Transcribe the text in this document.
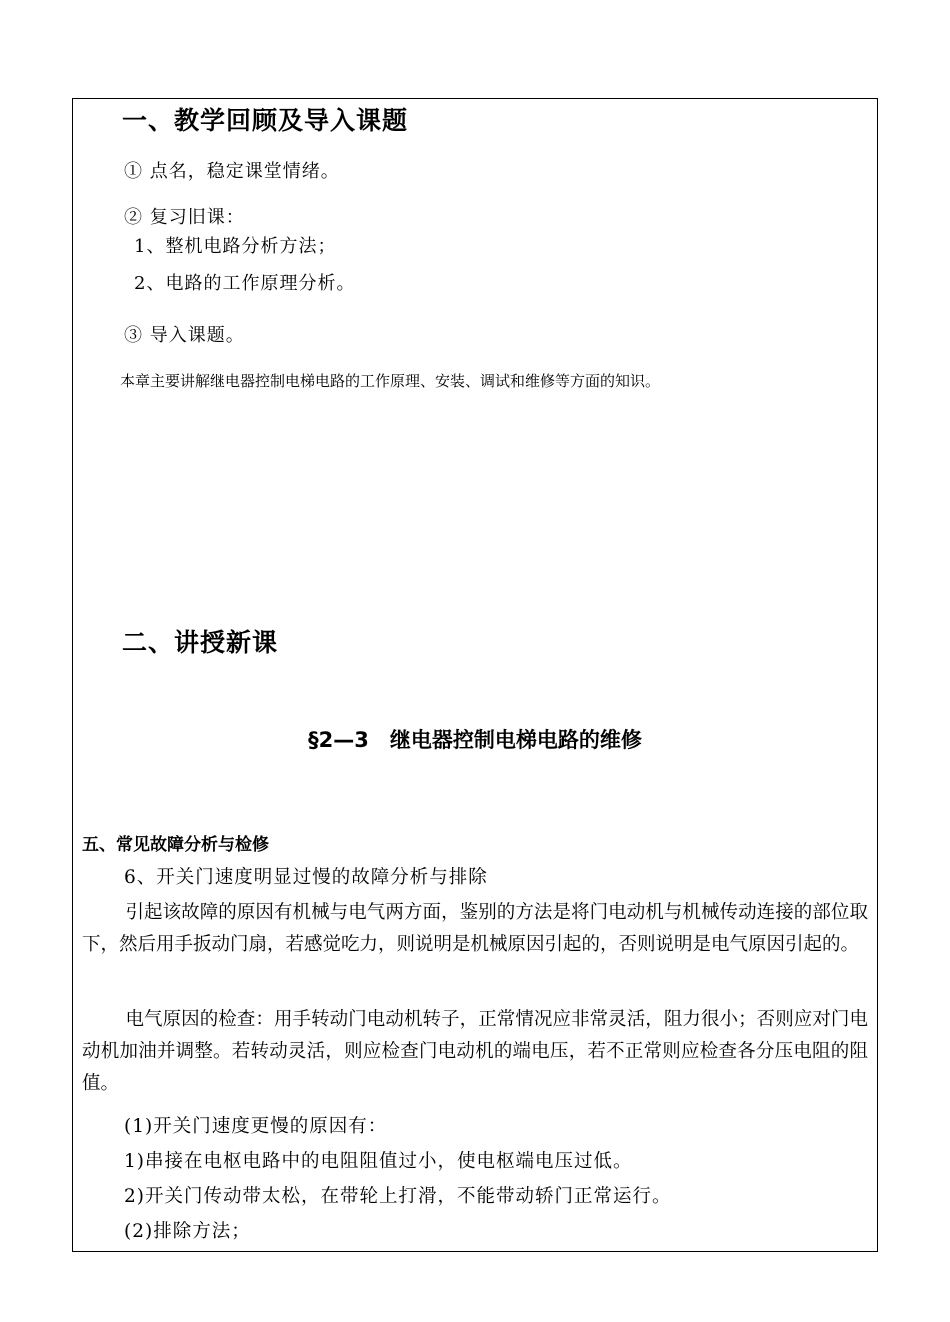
一、教学回顾及导入课题
① 点名，稳定课堂情绪。
② 复习旧课：
1、整机电路分析方法；
2、电路的工作原理分析。
③ 导入课题。
本章主要讲解继电器控制电梯电路的工作原理、安装、调试和维修等方面的知识。
二、讲授新课
§2—3　继电器控制电梯电路的维修
五、常见故障分析与检修
6、开关门速度明显过慢的故障分析与排除

引起该故障的原因有机械与电气两方面，鉴别的方法是将门电动机与机械传动连接的部位取下，然后用手扳动门扇，若感觉吃力，则说明是机械原因引起的，否则说明是电气原因引起的。

电气原因的检查：用手转动门电动机转子，正常情况应非常灵活，阻力很小；否则应对门电动机加油并调整。若转动灵活，则应检查门电动机的端电压，若不正常则应检查各分压电阻的阻值。

(1)开关门速度更慢的原因有：
1)串接在电枢电路中的电阻阻值过小，使电枢端电压过低。
2)开关门传动带太松，在带轮上打滑，不能带动轿门正常运行。
(2)排除方法；
